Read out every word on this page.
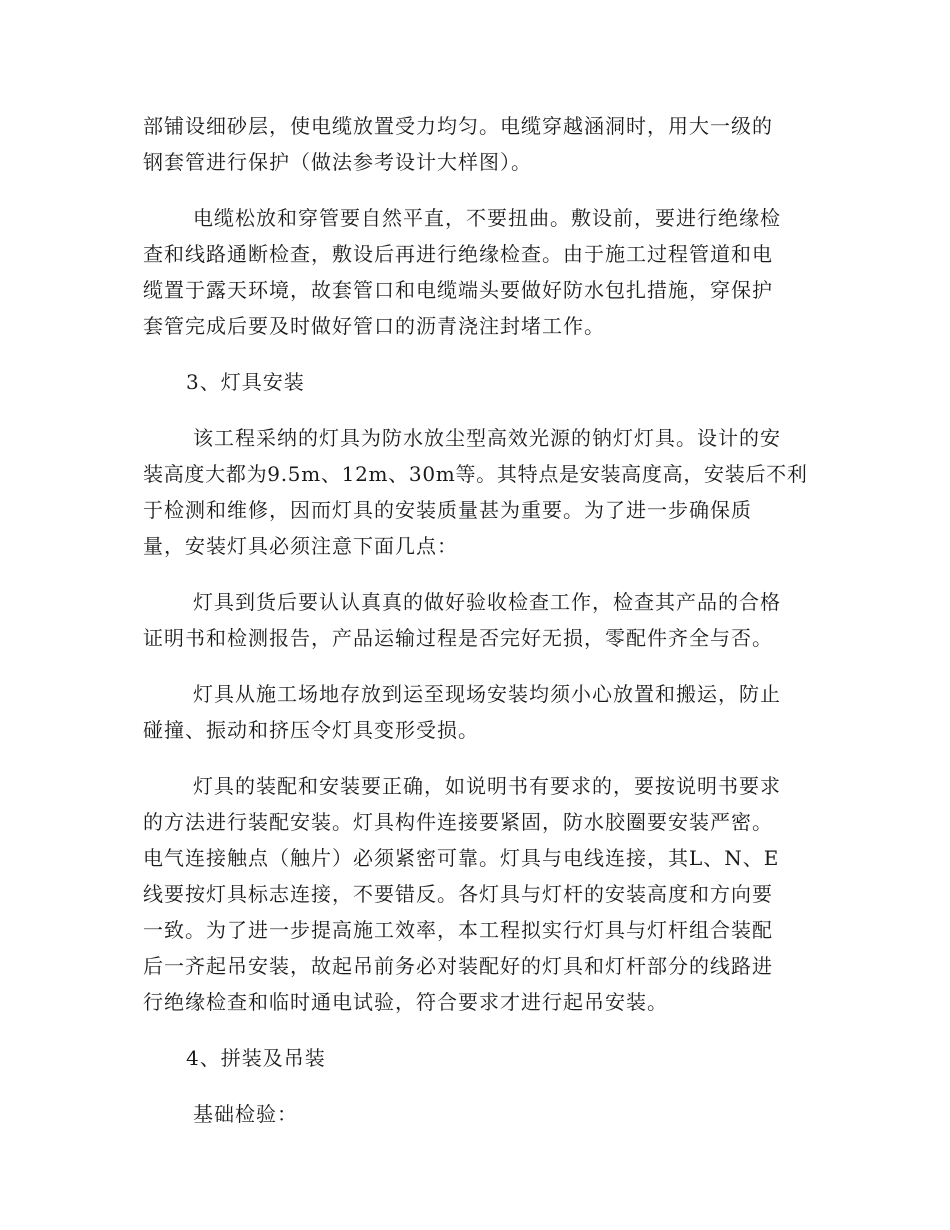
部铺设细砂层，使电缆放置受力均匀。电缆穿越涵洞时，用大一级的
钢套管进行保护（做法参考设计大样图）。
电缆松放和穿管要自然平直，不要扭曲。敷设前，要进行绝缘检
查和线路通断检查，敷设后再进行绝缘检查。由于施工过程管道和电
缆置于露天环境，故套管口和电缆端头要做好防水包扎措施，穿保护
套管完成后要及时做好管口的沥青浇注封堵工作。
3、灯具安装
该工程采纳的灯具为防水放尘型高效光源的钠灯灯具。设计的安
装高度大都为9.5m、12m、30m等。其特点是安装高度高，安装后不利
于检测和维修，因而灯具的安装质量甚为重要。为了进一步确保质
量，安装灯具必须注意下面几点：
灯具到货后要认认真真的做好验收检查工作，检查其产品的合格
证明书和检测报告，产品运输过程是否完好无损，零配件齐全与否。
灯具从施工场地存放到运至现场安装均须小心放置和搬运，防止
碰撞、振动和挤压令灯具变形受损。
灯具的装配和安装要正确，如说明书有要求的，要按说明书要求
的方法进行装配安装。灯具构件连接要紧固，防水胶圈要安装严密。
电气连接触点（触片）必须紧密可靠。灯具与电线连接，其L、N、E
线要按灯具标志连接，不要错反。各灯具与灯杆的安装高度和方向要
一致。为了进一步提高施工效率，本工程拟实行灯具与灯杆组合装配
后一齐起吊安装，故起吊前务必对装配好的灯具和灯杆部分的线路进
行绝缘检查和临时通电试验，符合要求才进行起吊安装。
4、拼装及吊装
基础检验：
